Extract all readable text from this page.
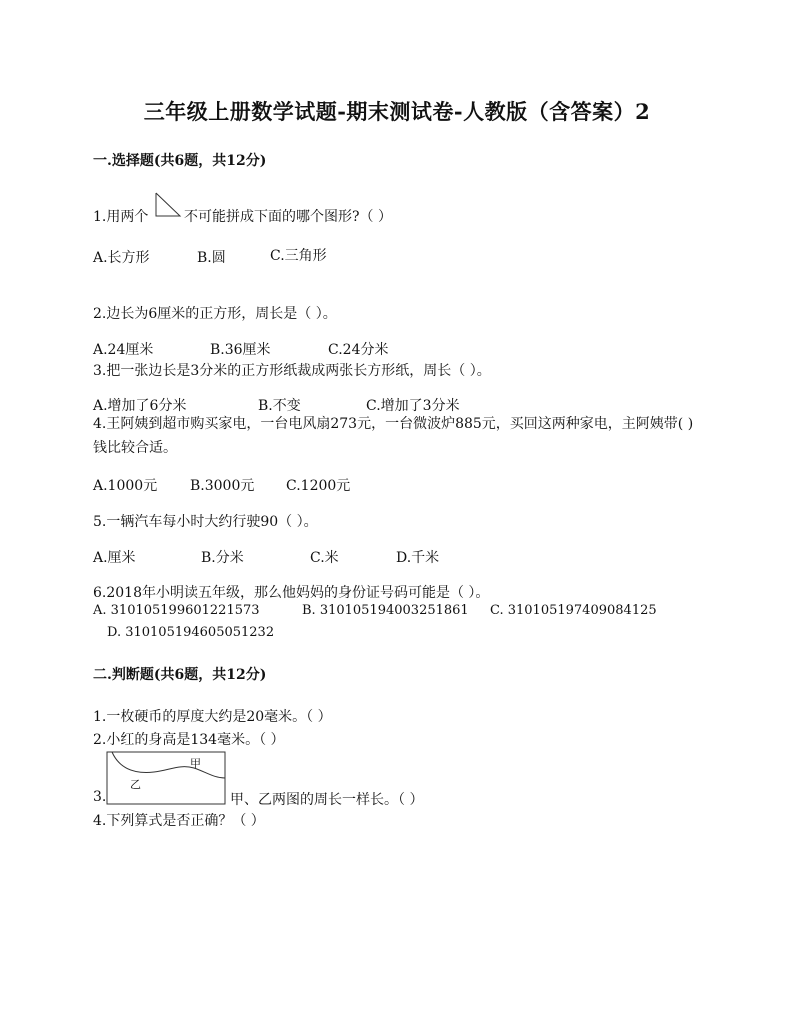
三年级上册数学试题-期末测试卷-人教版（含答案）2
一.选择题(共6题，共12分)
1.用两个	不可能拼成下面的哪个图形?（ ）
A.长方形	B.圆	C.三角形
2.边长为6厘米的正方形，周长是（ ）。
A.24厘米	B.36厘米	C.24分米
3.把一张边长是3分米的正方形纸裁成两张长方形纸，周长（ ）。
A.增加了6分米	B.不变	C.增加了3分米
4.王阿姨到超市购买家电，一台电风扇273元，一台微波炉885元，买回这两种家电，主阿姨带( )钱比较合适。
A.1000元 B.3000元 C.1200元
5.一辆汽车每小时大约行驶90（ ）。
A.厘米	B.分米	C.米	D.千米
6.2018年小明读五年级，那么他妈妈的身份证号码可能是（ ）。
A. 310105199601221573	B. 310105194003251861 C. 310105197409084125
D. 310105194605051232
二.判断题(共6题，共12分)
1.一枚硬币的厚度大约是20毫米。（ ）
2.小红的身高是134毫米。（ ）
3.
甲
乙
甲、乙两图的周长一样长。（ ）
4.下列算式是否正确？（ ）
